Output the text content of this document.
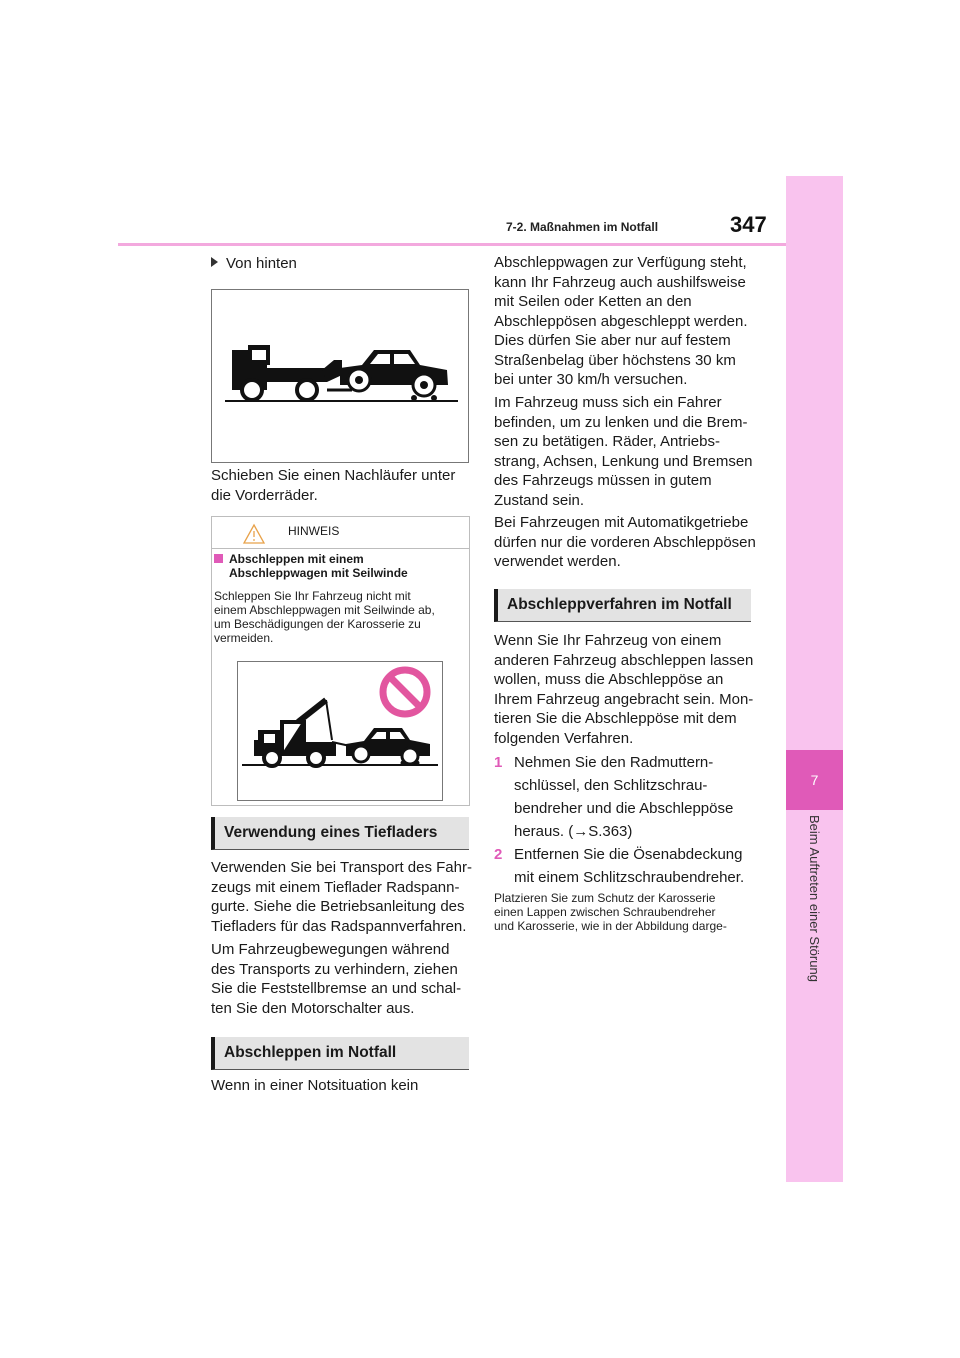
7-2. Maßnahmen im Notfall	347
7
Beim Auftreten einer Störung
Von hinten

Schieben Sie einen Nachläufer unter

die Vorderräder.

HINWEIS
Abschleppen mit einem
Abschleppwagen mit Seilwinde

Schleppen Sie Ihr Fahrzeug nicht mit

einem Abschleppwagen mit Seilwinde ab,

um Beschädigungen der Karosserie zu

vermeiden.

Verwendung eines Tiefladers

Verwenden Sie bei Transport des Fahr-

zeugs mit einem Tieflader Radspann-

gurte. Siehe die Betriebsanleitung des

Tiefladers für das Radspannverfahren.

Um Fahrzeugbewegungen während

des Transports zu verhindern, ziehen

Sie die Feststellbremse an und schal-

ten Sie den Motorschalter aus.

Abschleppen im Notfall

Wenn in einer Notsituation kein

Abschleppwagen zur Verfügung steht,

kann Ihr Fahrzeug auch aushilfsweise

mit Seilen oder Ketten an den

Abschleppösen abgeschleppt werden.

Dies dürfen Sie aber nur auf festem

Straßenbelag über höchstens 30 km

bei unter 30 km/h versuchen.

Im Fahrzeug muss sich ein Fahrer

befinden, um zu lenken und die Brem-

sen zu betätigen. Räder, Antriebs-

strang, Achsen, Lenkung und Bremsen

des Fahrzeugs müssen in gutem

Zustand sein.

Bei Fahrzeugen mit Automatikgetriebe

dürfen nur die vorderen Abschleppösen

verwendet werden.

Abschleppverfahren im Notfall

Wenn Sie Ihr Fahrzeug von einem

anderen Fahrzeug abschleppen lassen

wollen, muss die Abschleppöse an

Ihrem Fahrzeug angebracht sein. Mon-

tieren Sie die Abschleppöse mit dem

folgenden Verfahren.

1 Nehmen Sie den Radmuttern-

schlüssel, den Schlitzschrau-

bendreher und die Abschleppöse

heraus. (→S.363)

2 Entfernen Sie die Ösenabdeckung

mit einem Schlitzschraubendreher.

Platzieren Sie zum Schutz der Karosserie

einen Lappen zwischen Schraubendreher

und Karosserie, wie in der Abbildung darge-
